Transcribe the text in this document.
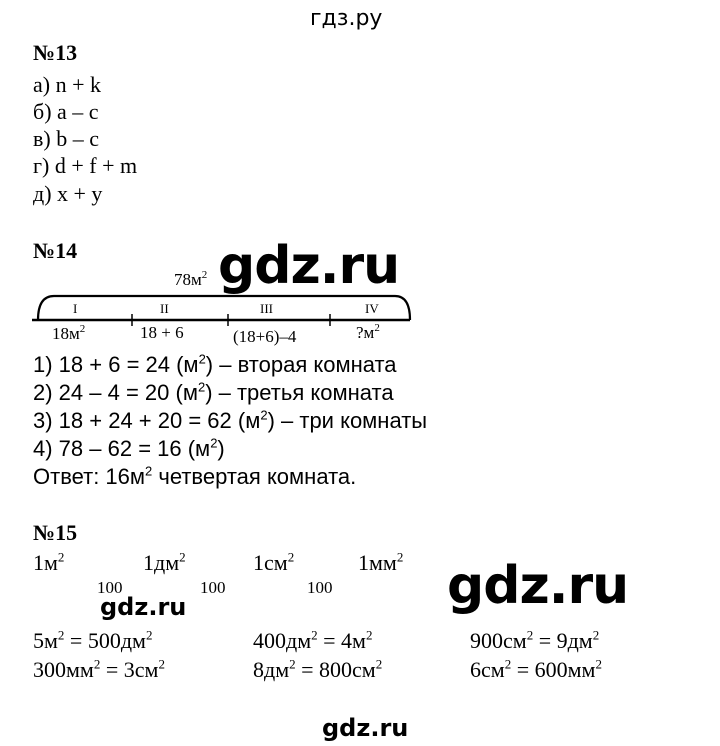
гдз.ру
№13
а) n + k
б) a – c
в) b – c
г) d + f + m
д) x + y
№14	gdz.ru
$78м^2$
I	II	III	IV
$18м^2$	18 + 6	(18+6)–4	$?м^2$
1) 18 + 6 = 24 $(м^2)$ – вторая комната
2) 24 – 4 = 20 $(м^2)$ – третья комната
3) 18 + 24 + 20 = 62 $(м^2)$ – три комнаты
4) 78 – 62 = 16 $(м^2)$
Ответ: $16м^2$ четвертая комната.
№15
$1м^2$	$1дм^2$	$1см^2$	$1мм^2$
100	100	100 gdz.ru
gdz.ru
$5м^2 = 500дм^2$	$400дм^2 = 4м^2$	$900см^2 = 9дм^2$
$300мм^2 = 3см^2$	$8дм^2 = 800см^2$	$6см^2 = 600мм^2$
gdz.ru
